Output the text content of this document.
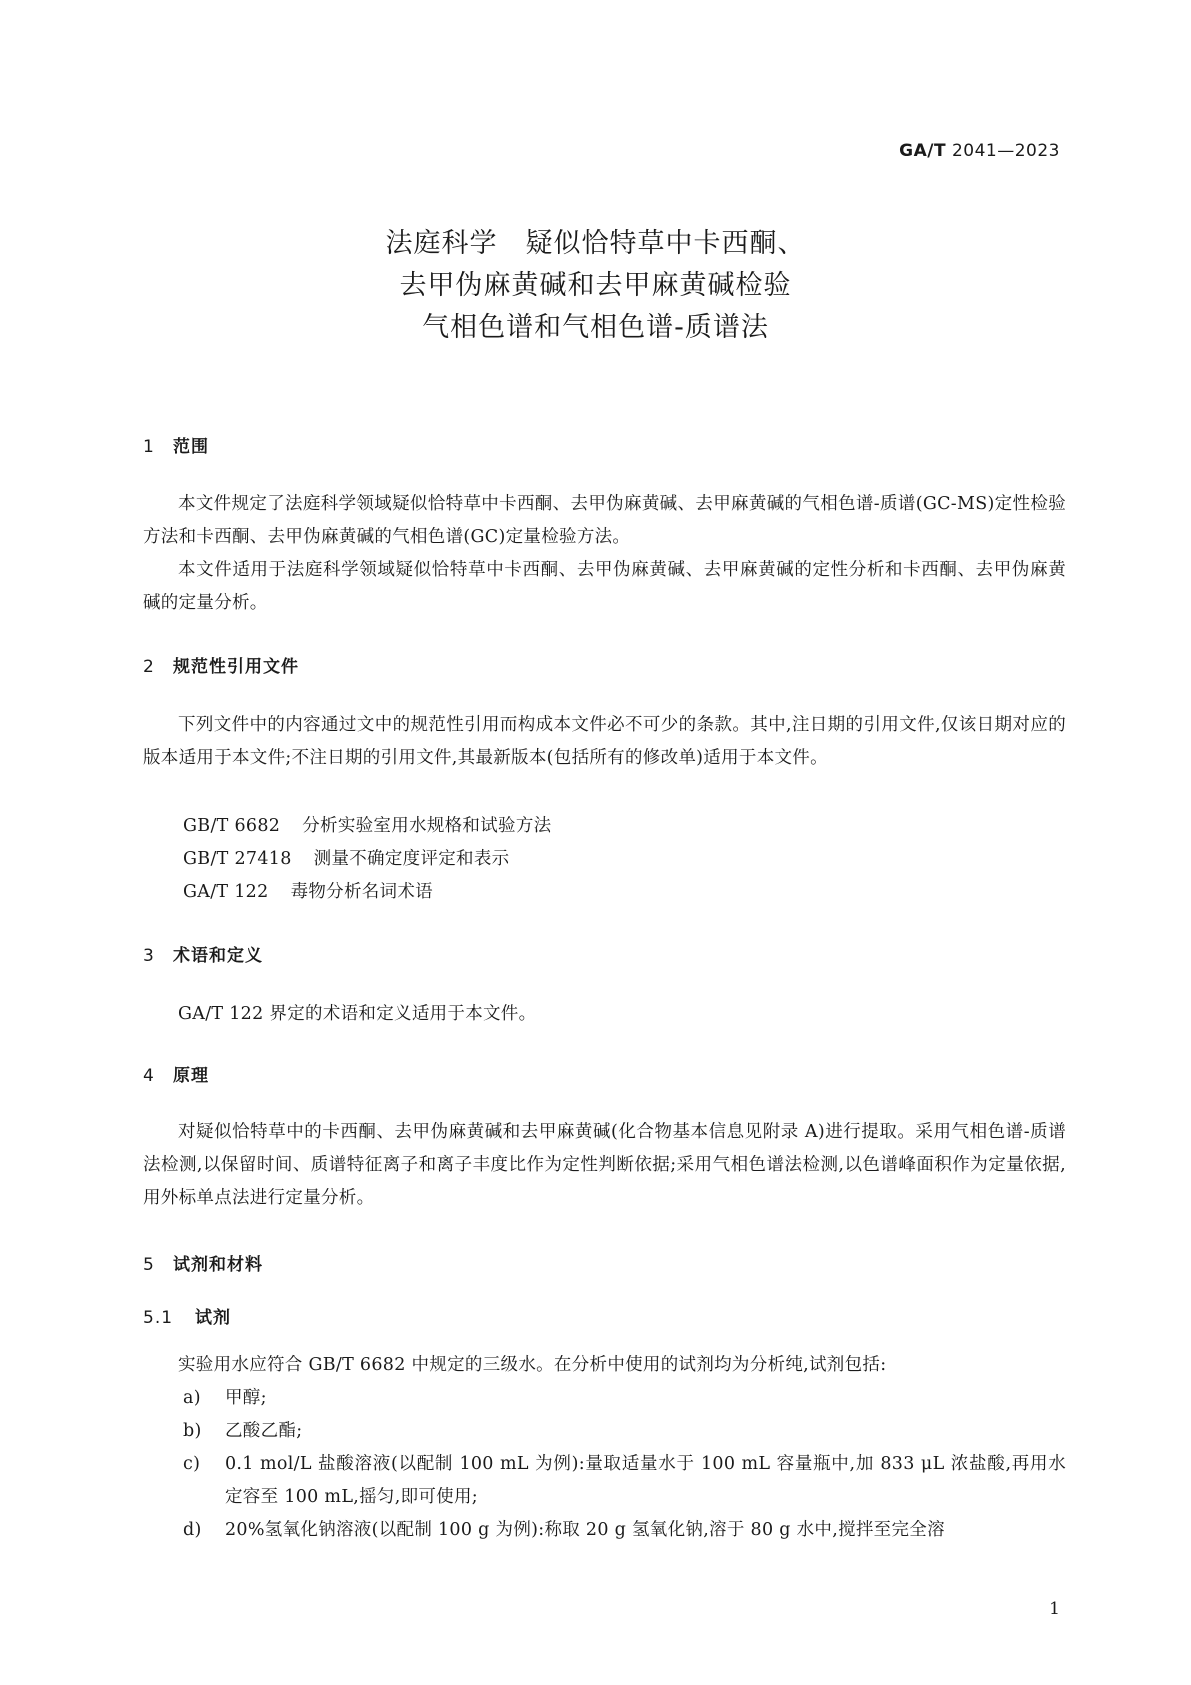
GA/T 2041—2023
法庭科学　疑似恰特草中卡西酮、
去甲伪麻黄碱和去甲麻黄碱检验
气相色谱和气相色谱-质谱法
1 范围
本文件规定了法庭科学领域疑似恰特草中卡西酮、去甲伪麻黄碱、去甲麻黄碱的气相色谱-质谱(GC-MS)定性检验方法和卡西酮、去甲伪麻黄碱的气相色谱(GC)定量检验方法。
本文件适用于法庭科学领域疑似恰特草中卡西酮、去甲伪麻黄碱、去甲麻黄碱的定性分析和卡西酮、去甲伪麻黄碱的定量分析。
2 规范性引用文件
下列文件中的内容通过文中的规范性引用而构成本文件必不可少的条款。其中,注日期的引用文件,仅该日期对应的版本适用于本文件;不注日期的引用文件,其最新版本(包括所有的修改单)适用于本文件。
GB/T 6682 分析实验室用水规格和试验方法
GB/T 27418 测量不确定度评定和表示
GA/T 122 毒物分析名词术语
3 术语和定义
GA/T 122 界定的术语和定义适用于本文件。
4 原理
对疑似恰特草中的卡西酮、去甲伪麻黄碱和去甲麻黄碱(化合物基本信息见附录 A)进行提取。采用气相色谱-质谱法检测,以保留时间、质谱特征离子和离子丰度比作为定性判断依据;采用气相色谱法检测,以色谱峰面积作为定量依据,用外标单点法进行定量分析。
5 试剂和材料
5.1 试剂
实验用水应符合 GB/T 6682 中规定的三级水。在分析中使用的试剂均为分析纯,试剂包括:
a) 甲醇;
b) 乙酸乙酯;
c) 0.1 mol/L 盐酸溶液(以配制 100 mL 为例):量取适量水于 100 mL 容量瓶中,加 833 μL 浓盐酸,再用水定容至 100 mL,摇匀,即可使用;
d) 20%氢氧化钠溶液(以配制 100 g 为例):称取 20 g 氢氧化钠,溶于 80 g 水中,搅拌至完全溶
1
